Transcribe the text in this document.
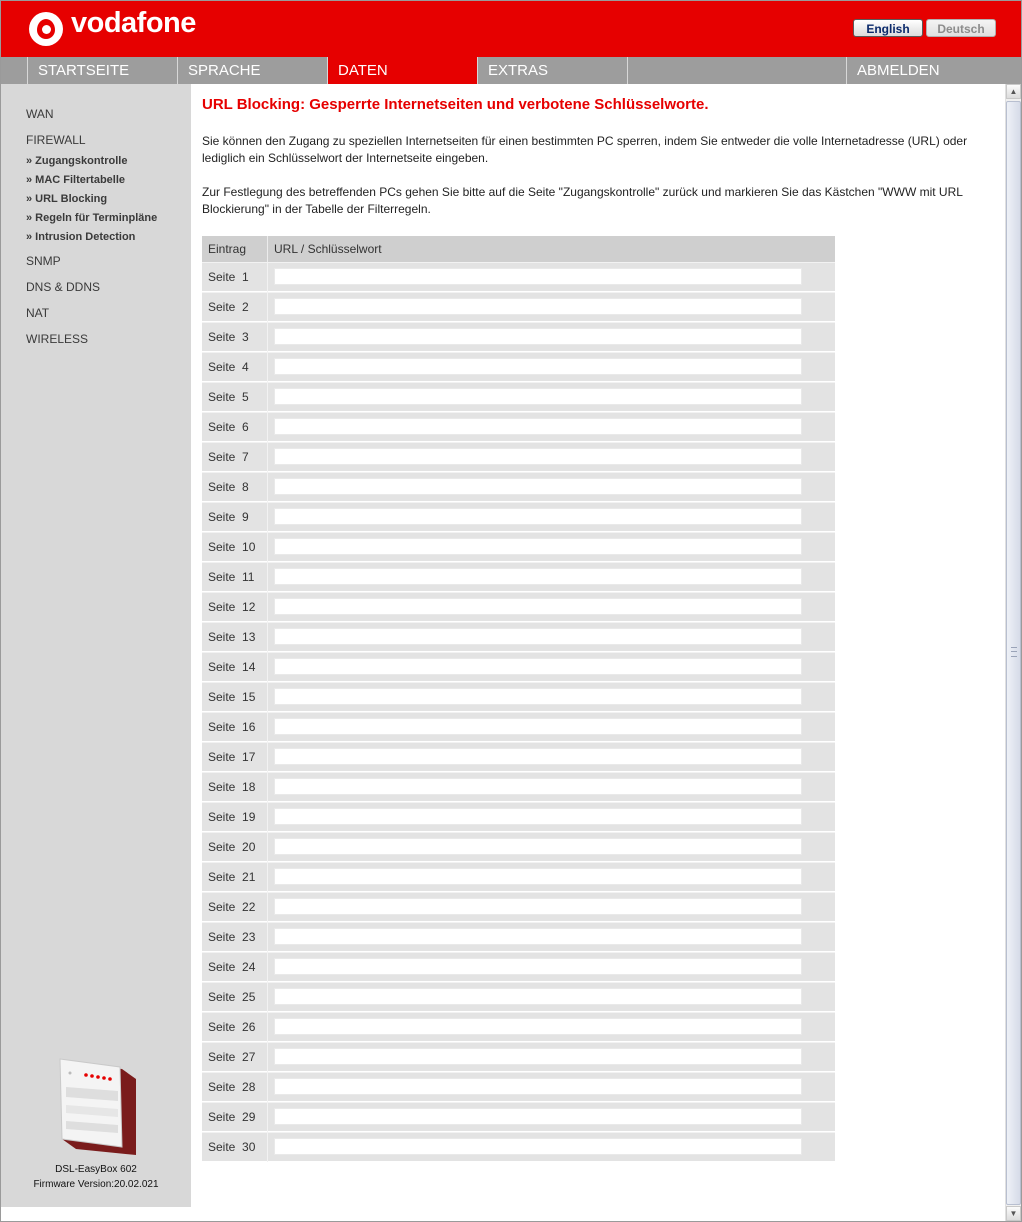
vodafone	English	Deutsch
STARTSEITE	SPRACHE	DATEN	EXTRAS	ABMELDEN
WAN
FIREWALL
» Zugangskontrolle
» MAC Filtertabelle
» URL Blocking
» Regeln für Terminpläne
» Intrusion Detection
SNMP
DNS & DDNS
NAT
WIRELESS
DSL-EasyBox 602
Firmware Version:20.02.021
URL Blocking: Gesperrte Internetseiten und verbotene Schlüsselworte.
Sie können den Zugang zu speziellen Internetseiten für einen bestimmten PC sperren, indem Sie entweder die volle Internetadresse (URL) oder lediglich ein Schlüsselwort der Internetseite eingeben.
Zur Festlegung des betreffenden PCs gehen Sie bitte auf die Seite "Zugangskontrolle" zurück und markieren Sie das Kästchen "WWW mit URL Blockierung" in der Tabelle der Filterregeln.
Eintrag URL / Schlüsselwort
Seite  1
Seite  2
Seite  3
Seite  4
Seite  5
Seite  6
Seite  7
Seite  8
Seite  9
Seite  10
Seite  11
Seite  12
Seite  13
Seite  14
Seite  15
Seite  16
Seite  17
Seite  18
Seite  19
Seite  20
Seite  21
Seite  22
Seite  23
Seite  24
Seite  25
Seite  26
Seite  27
Seite  28
Seite  29
Seite  30
▲
▼
